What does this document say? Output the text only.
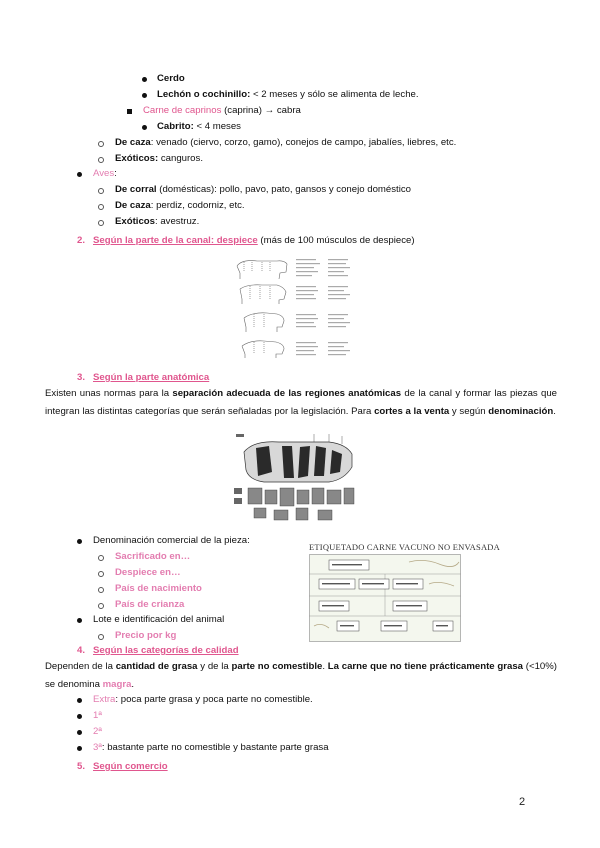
Cerdo
Lechón o cochinillo: < 2 meses y sólo se alimenta de leche.
Carne de caprinos (caprina) → cabra
Cabrito: < 4 meses
De caza: venado (ciervo, corzo, gamo), conejos de campo, jabalíes, liebres, etc.
Exóticos: canguros.
Aves:
De corral (domésticas): pollo, pavo, pato, gansos y conejo doméstico
De caza: perdiz, codorniz, etc.
Exóticos: avestruz.
2. Según la parte de la canal: despiece (más de 100 músculos de despiece)
3. Según la parte anatómica
Existen unas normas para la separación adecuada de las regiones anatómicas de la canal y formar las piezas que integran las distintas categorías que serán señaladas por la legislación. Para cortes a la venta y según denominación.
Denominación comercial de la pieza:
Sacrificado en…
Despiece en…
País de nacimiento
País de crianza
Lote e identificación del animal
Precio por kg
ETIQUETADO CARNE VACUNO NO ENVASADA
4. Según las categorías de calidad
Dependen de la cantidad de grasa y de la parte no comestible. La carne que no tiene prácticamente grasa (<10%) se denomina magra.
Extra: poca parte grasa y poca parte no comestible.
1ª
2ª
3ª: bastante parte no comestible y bastante parte grasa
5. Según comercio
2
